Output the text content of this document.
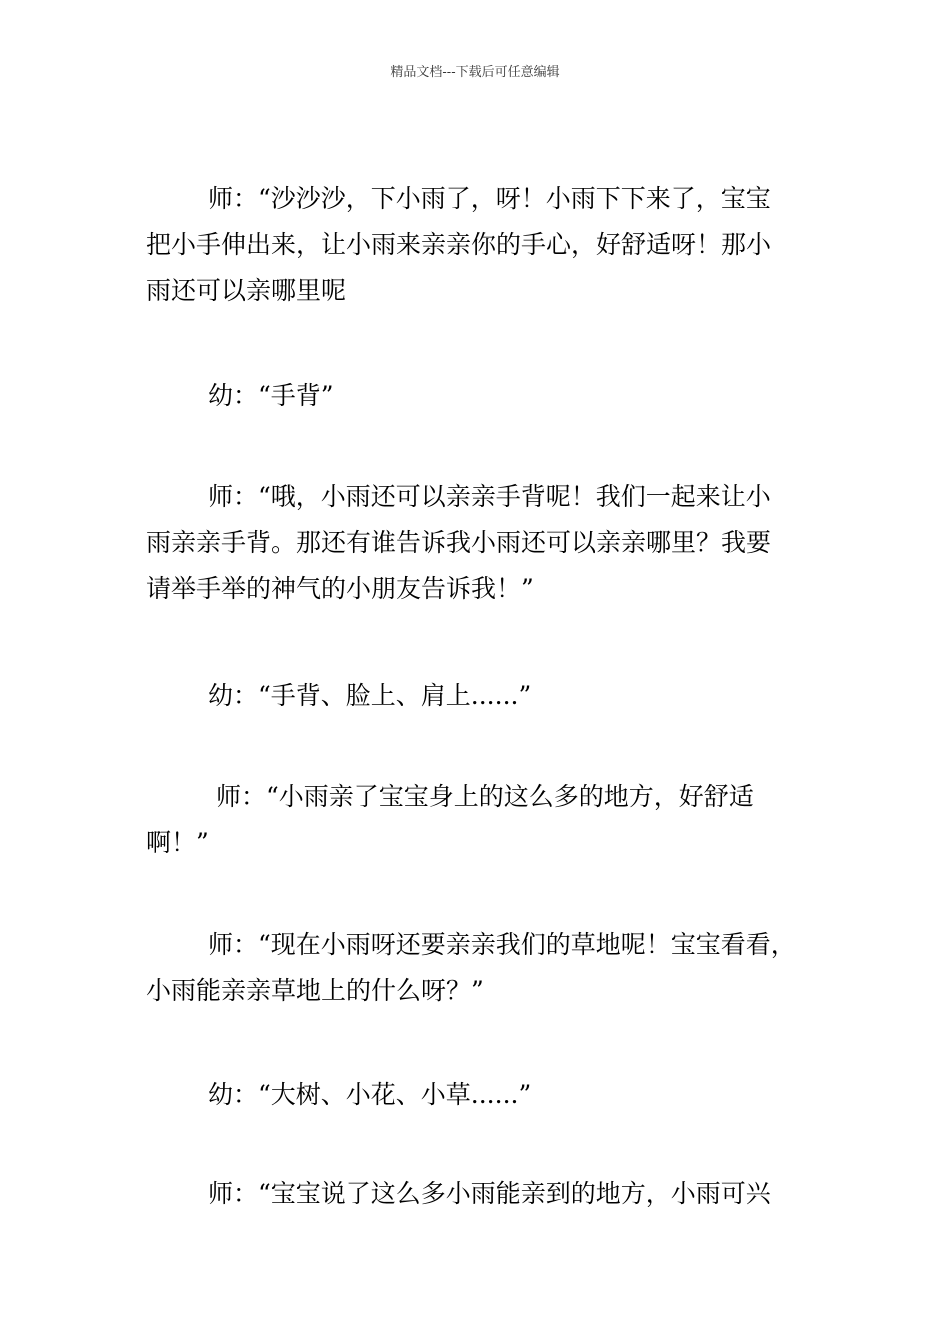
精品文档---下载后可任意编辑

师：“沙沙沙，下小雨了，呀！小雨下下来了，宝宝
把小手伸出来，让小雨来亲亲你的手心，好舒适呀！那小
雨还可以亲哪里呢

幼：“手背”

师：“哦，小雨还可以亲亲手背呢！我们一起来让小
雨亲亲手背。那还有谁告诉我小雨还可以亲亲哪里？我要
请举手举的神气的小朋友告诉我！”

幼：“手背、脸上、肩上......”

师：“小雨亲了宝宝身上的这么多的地方，好舒适
啊！”

师：“现在小雨呀还要亲亲我们的草地呢！宝宝看看，
小雨能亲亲草地上的什么呀？”

幼：“大树、小花、小草......”

师：“宝宝说了这么多小雨能亲到的地方，小雨可兴
